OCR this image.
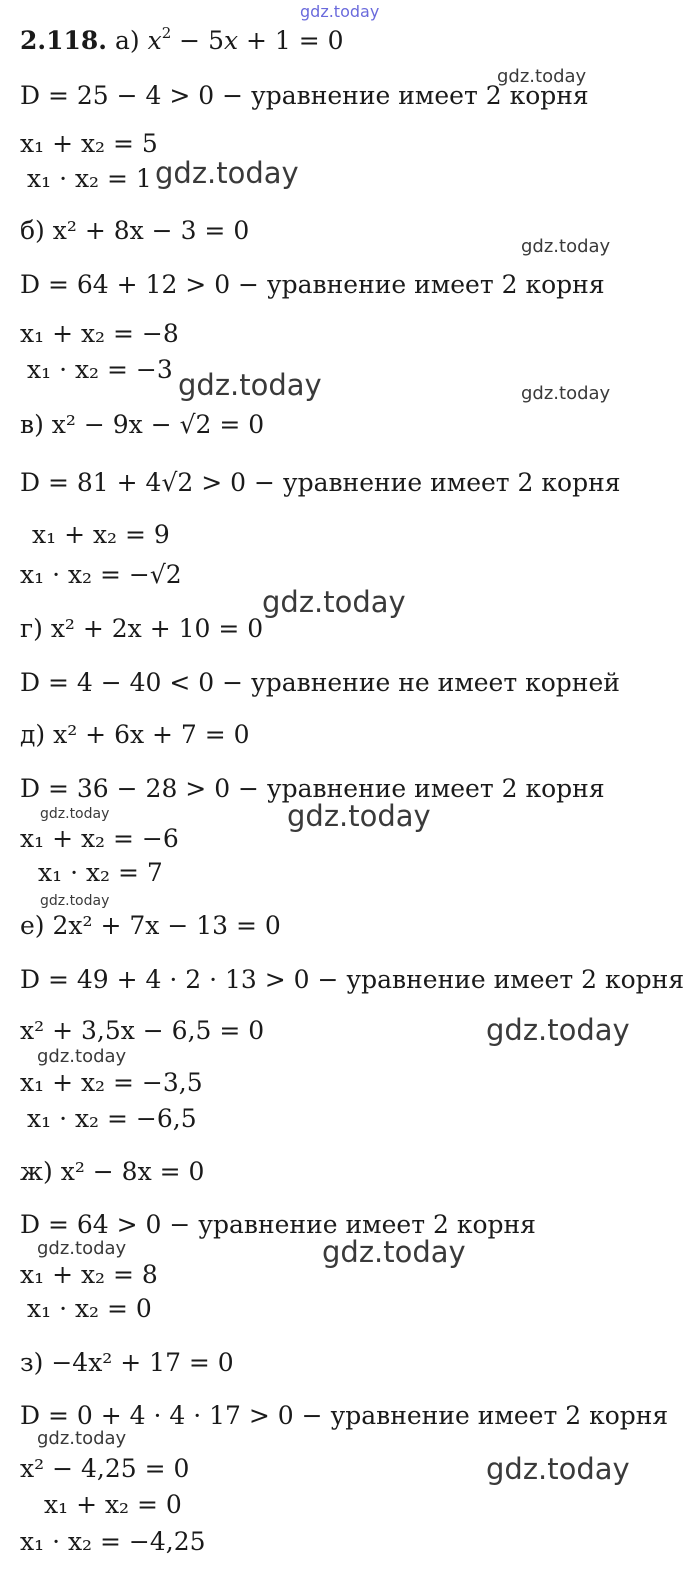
gdz.today
gdz.today
gdz.today
gdz.today
gdz.today	gdz.today
gdz.today
gdz.today	gdz.today
gdz.today
gdz.today
gdz.today
gdz.today	gdz.today
gdz.today
gdz.today
2.118. а) $x^2 - 5x + 1 = 0$
D = 25 − 4 > 0 − уравнение имеет 2 корня
x₁ + x₂ = 5
x₁ · x₂ = 1
б) x² + 8x − 3 = 0
D = 64 + 12 > 0 − уравнение имеет 2 корня
x₁ + x₂ = −8
x₁ · x₂ = −3
в) x² − 9x − √2 = 0
D = 81 + 4√2 > 0 − уравнение имеет 2 корня
x₁ + x₂ = 9
x₁ · x₂ = −√2
г) x² + 2x + 10 = 0
D = 4 − 40 < 0 − уравнение не имеет корней
д) x² + 6x + 7 = 0
D = 36 − 28 > 0 − уравнение имеет 2 корня
x₁ + x₂ = −6
x₁ · x₂ = 7
е) 2x² + 7x − 13 = 0
D = 49 + 4 · 2 · 13 > 0 − уравнение имеет 2 корня
x² + 3,5x − 6,5 = 0
x₁ + x₂ = −3,5
x₁ · x₂ = −6,5
ж) x² − 8x = 0
D = 64 > 0 − уравнение имеет 2 корня
x₁ + x₂ = 8
x₁ · x₂ = 0
з) −4x² + 17 = 0
D = 0 + 4 · 4 · 17 > 0 − уравнение имеет 2 корня
x² − 4,25 = 0
x₁ + x₂ = 0
x₁ · x₂ = −4,25
